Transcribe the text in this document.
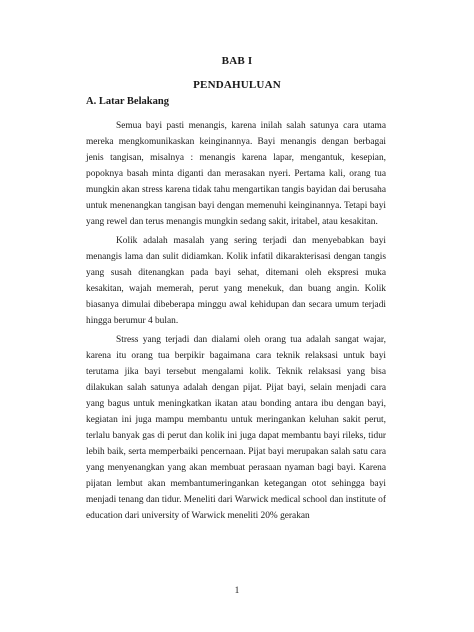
BAB I
PENDAHULUAN
A. Latar Belakang

Semua bayi pasti menangis, karena inilah salah satunya cara utama mereka mengkomunikaskan keinginannya. Bayi menangis dengan berbagai jenis tangisan, misalnya : menangis karena lapar, mengantuk, kesepian, popoknya basah minta diganti dan merasakan nyeri. Pertama kali, orang tua mungkin akan stress karena tidak tahu mengartikan tangis bayidan dai berusaha untuk menenangkan tangisan bayi dengan memenuhi keinginannya. Tetapi bayi yang rewel dan terus menangis mungkin sedang sakit, iritabel, atau kesakitan.

Kolik adalah masalah yang sering terjadi dan menyebabkan bayi menangis lama dan sulit didiamkan. Kolik infatil dikarakterisasi dengan tangis yang susah ditenangkan pada bayi sehat, ditemani oleh ekspresi muka kesakitan, wajah memerah, perut yang menekuk, dan buang angin. Kolik biasanya dimulai dibeberapa minggu awal kehidupan dan secara umum terjadi hingga berumur 4 bulan.

Stress yang terjadi dan dialami oleh orang tua adalah sangat wajar, karena itu orang tua berpikir bagaimana cara teknik relaksasi untuk bayi terutama jika bayi tersebut mengalami kolik. Teknik relaksasi yang bisa dilakukan salah satunya adalah dengan pijat. Pijat bayi, selain menjadi cara yang bagus untuk meningkatkan ikatan atau bonding antara ibu dengan bayi, kegiatan ini juga mampu membantu untuk meringankan keluhan sakit perut, terlalu banyak gas di perut dan kolik ini juga dapat membantu bayi rileks, tidur lebih baik, serta memperbaiki pencernaan. Pijat bayi merupakan salah satu cara yang menyenangkan yang akan membuat perasaan nyaman bagi bayi. Karena pijatan lembut akan membantumeringankan ketegangan otot sehingga bayi menjadi tenang dan tidur. Meneliti dari Warwick medical school dan institute of education dari university of Warwick meneliti 20% gerakan

1
